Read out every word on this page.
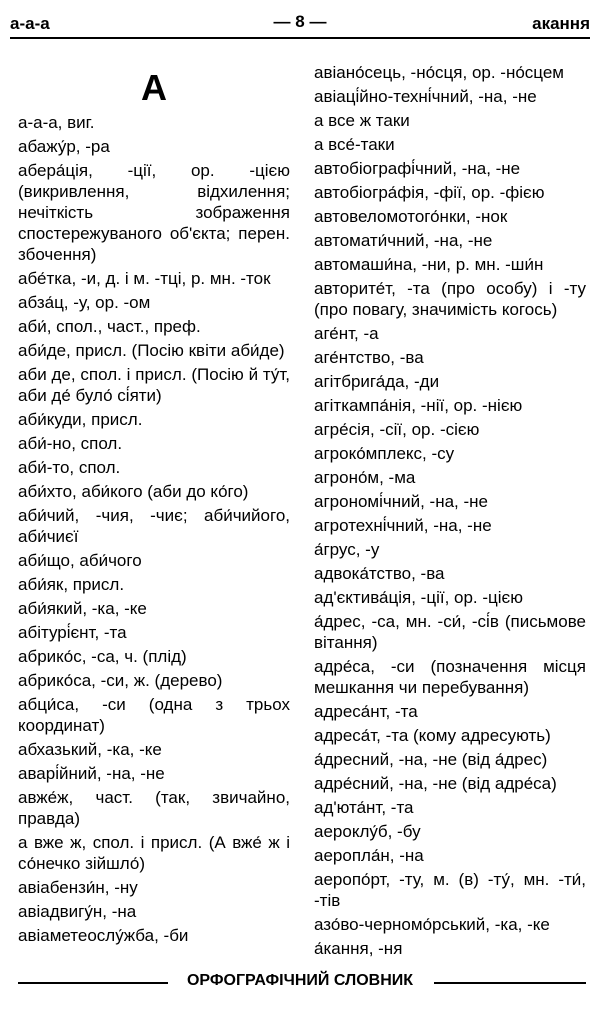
а-а-а	— 8 —	акання
А
а-а-а, виг.
абажу́р, -ра
абера́ція, -ції, ор. -цією (викривлення, відхилення; нечіткість зображення спостережуваного об'єкта; перен. збочення)
абе́тка, -и, д. і м. -тці, р. мн. -ток
абза́ц, -у, ор. -ом
аби́, спол., част., преф.
аби́де, присл. (Посію квіти аби́де)
аби де, спол. і присл. (Посію й ту́т, аби де́ було́ сі́яти)
аби́куди, присл.
аби́-но, спол.
аби́-то, спол.
аби́хто, аби́кого (аби до ко́го)
аби́чий, -чия, -чиє; аби́чийого, аби́чиєї
аби́що, аби́чого
аби́як, присл.
аби́який, -ка, -ке
абітурі́єнт, -та
абрико́с, -са, ч. (плід)
абрико́са, -си, ж. (дерево)
абци́са, -си (одна з трьох координат)
абхазький, -ка, -ке
аварі́йний, -на, -не
авже́ж, част. (так, звичайно, правда)
а вже ж, спол. і присл. (А вже́ ж і со́нечко зійшло́)
авіабензи́н, -ну
авіадвигу́н, -на
авіаметеослу́жба, -би
авіано́сець, -но́сця, ор. -но́сцем
авіаці́йно-техні́чний, -на, -не
а все ж таки
а все́-таки
автобіографі́чний, -на, -не
автобіогра́фія, -фії, ор. -фією
автовеломотого́нки, -нок
автомати́чний, -на, -не
автомаши́на, -ни, р. мн. -ши́н
авторите́т, -та (про особу) і -ту (про повагу, значимість когось)
аге́нт, -а
аге́нтство, -ва
агітбрига́да, -ди
агіткампа́нія, -нії, ор. -нією
агре́сія, -сії, ор. -сією
агроко́мплекс, -су
агроно́м, -ма
агрономі́чний, -на, -не
агротехні́чний, -на, -не
а́грус, -у
адвока́тство, -ва
ад'єктива́ція, -ції, ор. -цією
а́дрес, -са, мн. -си́, -сі́в (письмове вітання)
адре́са, -си (позначення місця мешкання чи перебування)
адреса́нт, -та
адреса́т, -та (кому адресують)
а́дресний, -на, -не (від а́дрес)
адре́сний, -на, -не (від адре́са)
ад'юта́нт, -та
аероклу́б, -бу
аеропла́н, -на
аеропо́рт, -ту, м. (в) -ту́, мн. -ти́, -тів
азо́во-черномо́рський, -ка, -ке
а́кання, -ня
ОРФОГРАФІЧНИЙ СЛОВНИК
